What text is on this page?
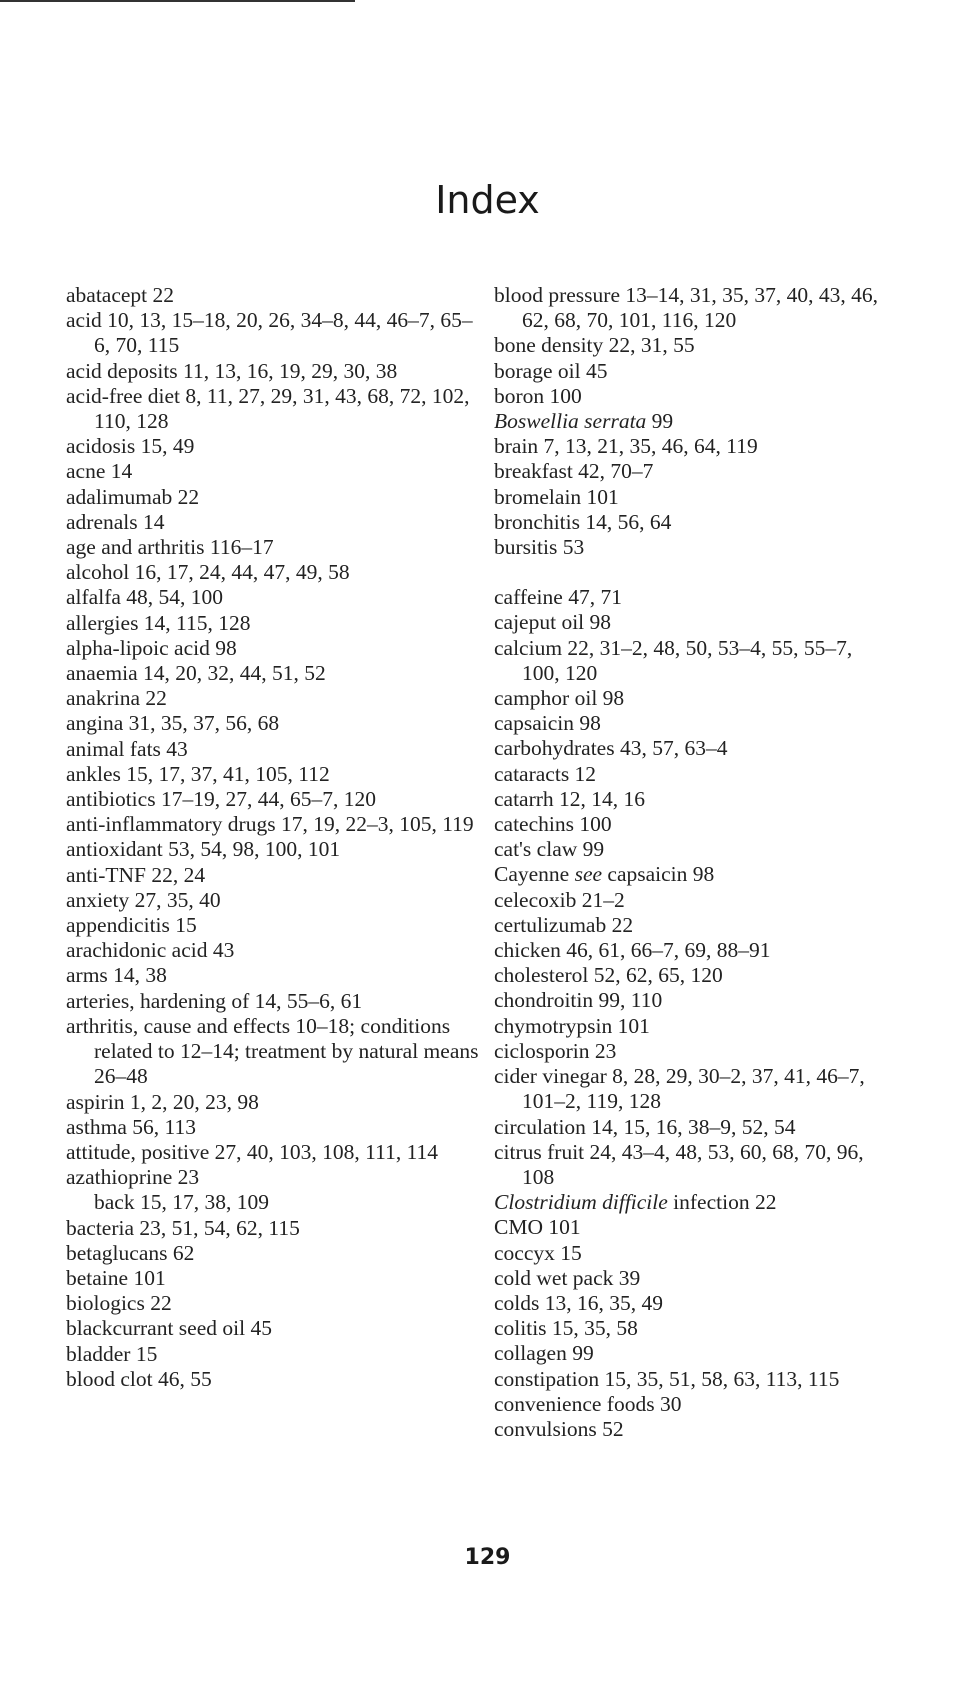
Index

abatacept 22

acid 10, 13, 15–18, 20, 26, 34–8, 44, 46–7, 65–6, 70, 115

acid deposits 11, 13, 16, 19, 29, 30, 38

acid-free diet 8, 11, 27, 29, 31, 43, 68, 72, 102, 110, 128

acidosis 15, 49

acne 14

adalimumab 22

adrenals 14

age and arthritis 116–17

alcohol 16, 17, 24, 44, 47, 49, 58

alfalfa 48, 54, 100

allergies 14, 115, 128

alpha-lipoic acid 98

anaemia 14, 20, 32, 44, 51, 52

anakrina 22

angina 31, 35, 37, 56, 68

animal fats 43

ankles 15, 17, 37, 41, 105, 112

antibiotics 17–19, 27, 44, 65–7, 120

anti-inflammatory drugs 17, 19, 22–3, 105, 119

antioxidant 53, 54, 98, 100, 101

anti-TNF 22, 24

anxiety 27, 35, 40

appendicitis 15

arachidonic acid 43

arms 14, 38

arteries, hardening of 14, 55–6, 61

arthritis, cause and effects 10–18; conditions related to 12–14; treatment by natural means 26–48

aspirin 1, 2, 20, 23, 98

asthma 56, 113

attitude, positive 27, 40, 103, 108, 111, 114

azathioprine 23

back 15, 17, 38, 109

bacteria 23, 51, 54, 62, 115

betaglucans 62

betaine 101

biologics 22

blackcurrant seed oil 45

bladder 15

blood clot 46, 55

blood pressure 13–14, 31, 35, 37, 40, 43, 46, 62, 68, 70, 101, 116, 120

bone density 22, 31, 55

borage oil 45

boron 100

Boswellia serrata 99

brain 7, 13, 21, 35, 46, 64, 119

breakfast 42, 70–7

bromelain 101

bronchitis 14, 56, 64

bursitis 53

caffeine 47, 71

cajeput oil 98

calcium 22, 31–2, 48, 50, 53–4, 55, 55–7, 100, 120

camphor oil 98

capsaicin 98

carbohydrates 43, 57, 63–4

cataracts 12

catarrh 12, 14, 16

catechins 100

cat's claw 99

Cayenne see capsaicin 98

celecoxib 21–2

certulizumab 22

chicken 46, 61, 66–7, 69, 88–91

cholesterol 52, 62, 65, 120

chondroitin 99, 110

chymotrypsin 101

ciclosporin 23

cider vinegar 8, 28, 29, 30–2, 37, 41, 46–7, 101–2, 119, 128

circulation 14, 15, 16, 38–9, 52, 54

citrus fruit 24, 43–4, 48, 53, 60, 68, 70, 96, 108

Clostridium difficile infection 22

CMO 101

coccyx 15

cold wet pack 39

colds 13, 16, 35, 49

colitis 15, 35, 58

collagen 99

constipation 15, 35, 51, 58, 63, 113, 115

convenience foods 30

convulsions 52

129
